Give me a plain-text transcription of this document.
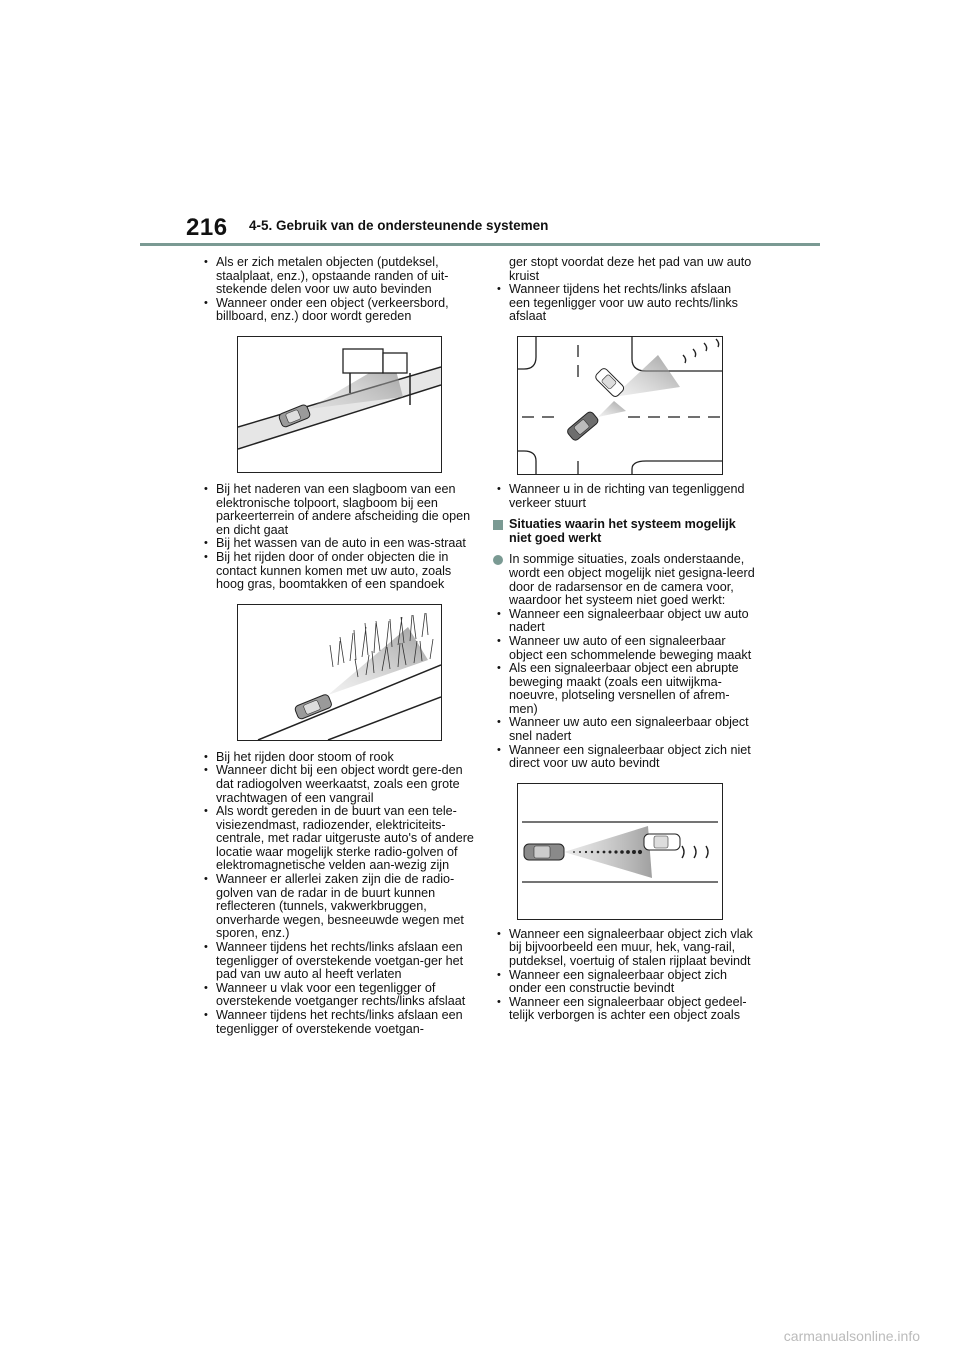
216 4-5. Gebruik van de ondersteunende systemen
• Als er zich metalen objecten (putdeksel, staalplaat, enz.), opstaande randen of uit-stekende delen voor uw auto bevinden
• Wanneer onder een object (verkeersbord, billboard, enz.) door wordt gereden
• Bij het naderen van een slagboom van een elektronische tolpoort, slagboom bij een parkeerterrein of andere afscheiding die open en dicht gaat
• Bij het wassen van de auto in een was-straat
• Bij het rijden door of onder objecten die in contact kunnen komen met uw auto, zoals hoog gras, boomtakken of een spandoek
• Bij het rijden door stoom of rook
• Wanneer dicht bij een object wordt gere-den dat radiogolven weerkaatst, zoals een grote vrachtwagen of een vangrail
• Als wordt gereden in de buurt van een tele-visiezendmast, radiozender, elektriciteits-centrale, met radar uitgeruste auto's of andere locatie waar mogelijk sterke radio-golven of elektromagnetische velden aan-wezig zijn
• Wanneer er allerlei zaken zijn die de radio-golven van de radar in de buurt kunnen reflecteren (tunnels, vakwerkbruggen, onverharde wegen, besneeuwde wegen met sporen, enz.)
• Wanneer tijdens het rechts/links afslaan een tegenligger of overstekende voetgan-ger het pad van uw auto al heeft verlaten
• Wanneer u vlak voor een tegenligger of overstekende voetganger rechts/links afslaat
• Wanneer tijdens het rechts/links afslaan een tegenligger of overstekende voetgan-
ger stopt voordat deze het pad van uw auto kruist
• Wanneer tijdens het rechts/links afslaan een tegenligger voor uw auto rechts/links afslaat
• Wanneer u in de richting van tegenliggend verkeer stuurt
Situaties waarin het systeem mogelijk niet goed werkt
In sommige situaties, zoals onderstaande, wordt een object mogelijk niet gesigna-leerd door de radarsensor en de camera voor, waardoor het systeem niet goed werkt:
• Wanneer een signaleerbaar object uw auto nadert
• Wanneer uw auto of een signaleerbaar object een schommelende beweging maakt
• Als een signaleerbaar object een abrupte beweging maakt (zoals een uitwijkma-noeuvre, plotseling versnellen of afrem-men)
• Wanneer uw auto een signaleerbaar object snel nadert
• Wanneer een signaleerbaar object zich niet direct voor uw auto bevindt
• Wanneer een signaleerbaar object zich vlak bij bijvoorbeeld een muur, hek, vang-rail, putdeksel, voertuig of stalen rijplaat bevindt
• Wanneer een signaleerbaar object zich onder een constructie bevindt
• Wanneer een signaleerbaar object gedeel-telijk verborgen is achter een object zoals
carmanualsonline.info
